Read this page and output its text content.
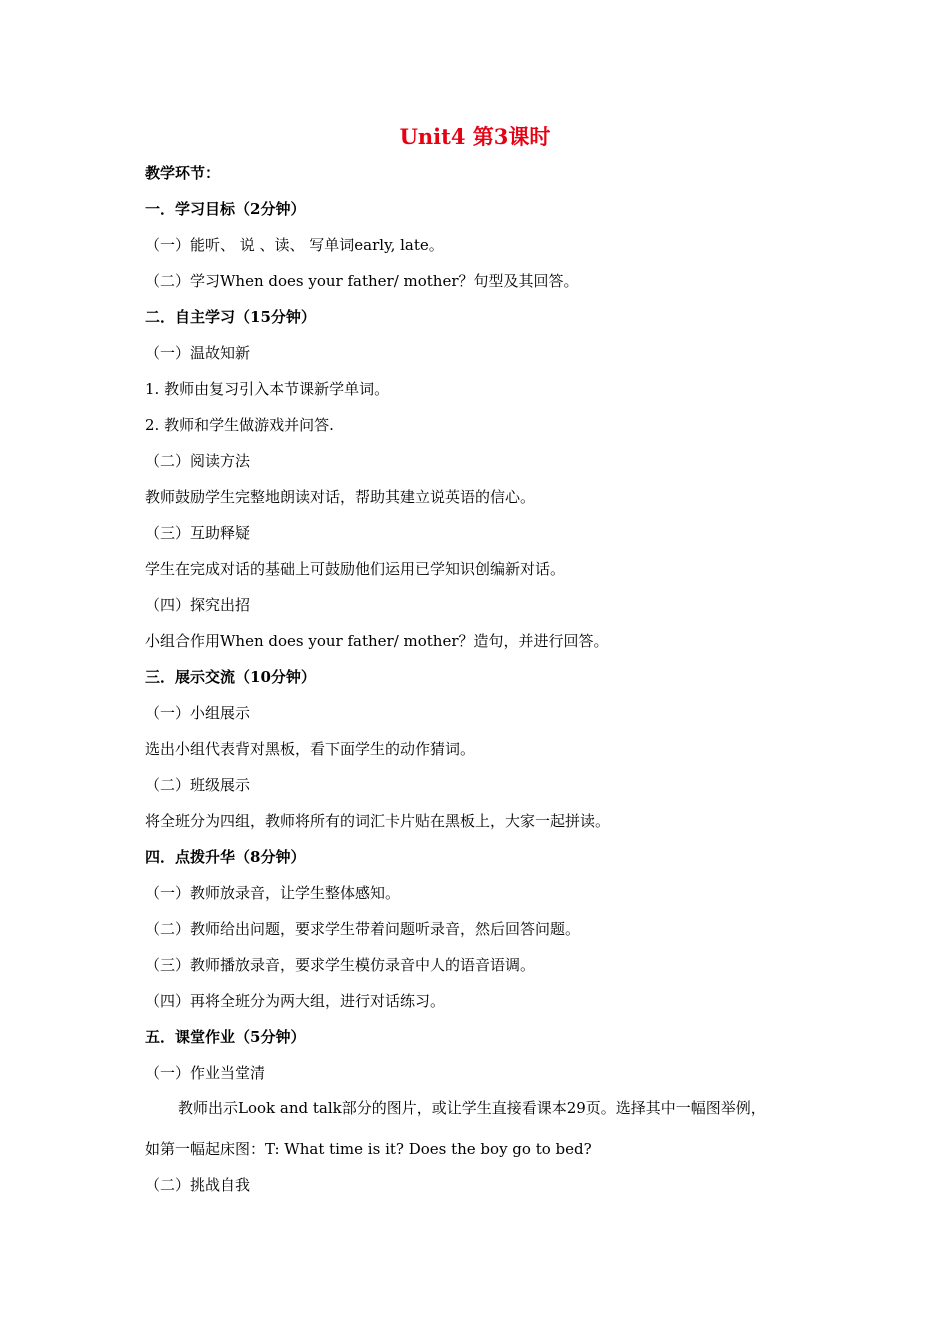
Unit4 第3课时
教学环节：
一．学习目标（2分钟）
（一）能听、 说 、读、 写单词early, late。
（二）学习When does your father/ mother？句型及其回答。
二．自主学习（15分钟）
（一）温故知新
1. 教师由复习引入本节课新学单词。
2. 教师和学生做游戏并问答.
（二）阅读方法
教师鼓励学生完整地朗读对话，帮助其建立说英语的信心。
（三）互助释疑
学生在完成对话的基础上可鼓励他们运用已学知识创编新对话。
（四）探究出招
小组合作用When does your father/ mother？造句，并进行回答。
三．展示交流（10分钟）
（一）小组展示
选出小组代表背对黑板，看下面学生的动作猜词。
（二）班级展示
将全班分为四组，教师将所有的词汇卡片贴在黑板上，大家一起拼读。
四．点拨升华（8分钟）
（一）教师放录音，让学生整体感知。
（二）教师给出问题，要求学生带着问题听录音，然后回答问题。
（三）教师播放录音，要求学生模仿录音中人的语音语调。
（四）再将全班分为两大组，进行对话练习。
五．课堂作业（5分钟）
（一）作业当堂清
教师出示Look and talk部分的图片，或让学生直接看课本29页。选择其中一幅图举例，
如第一幅起床图：T: What time is it? Does the boy go to bed?
（二）挑战自我
